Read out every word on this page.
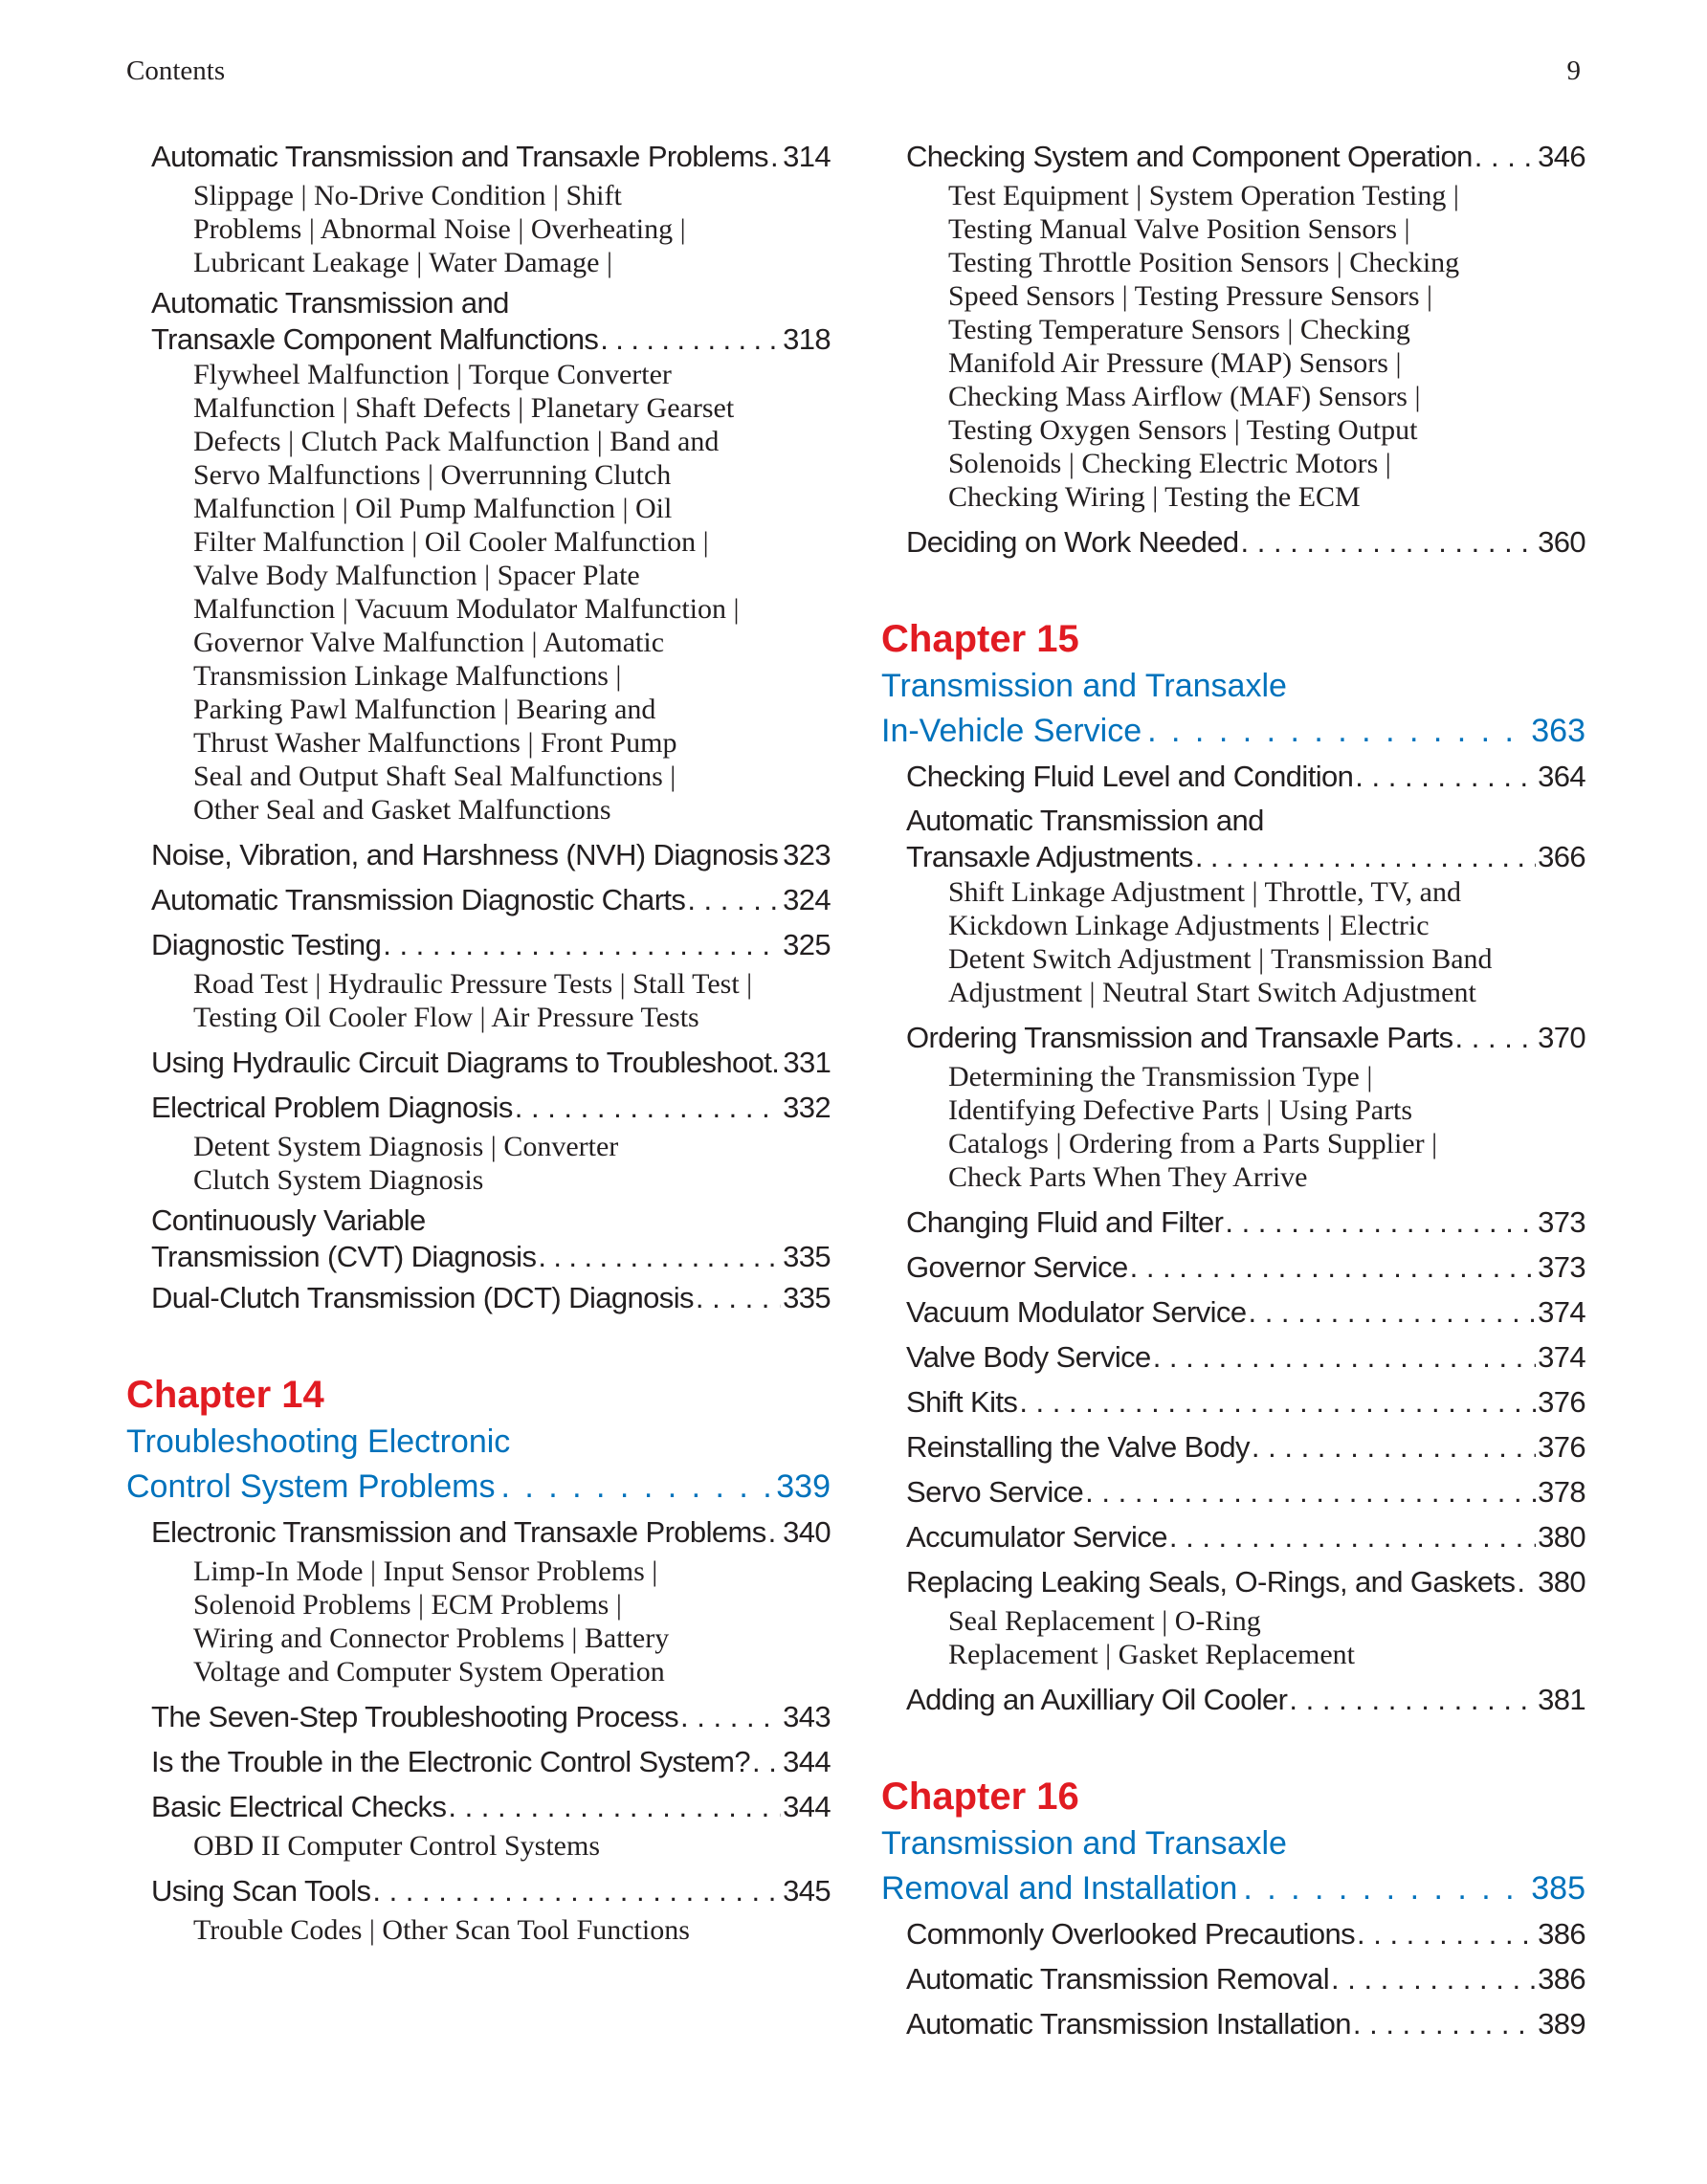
Contents	9
Automatic Transmission and Transaxle Problems . . . 314
Slippage | No-Drive Condition | Shift
Problems | Abnormal Noise | Overheating |
Lubricant Leakage | Water Damage |
Automatic Transmission and
Transaxle Component Malfunctions . . .	318
Flywheel Malfunction | Torque Converter
Malfunction | Shaft Defects | Planetary Gearset
Defects | Clutch Pack Malfunction | Band and
Servo Malfunctions | Overrunning Clutch
Malfunction | Oil Pump Malfunction | Oil
Filter Malfunction | Oil Cooler Malfunction |
Valve Body Malfunction | Spacer Plate
Malfunction | Vacuum Modulator Malfunction |
Governor Valve Malfunction | Automatic
Transmission Linkage Malfunctions |
Parking Pawl Malfunction | Bearing and
Thrust Washer Malfunctions | Front Pump
Seal and Output Shaft Seal Malfunctions |
Other Seal and Gasket Malfunctions
Noise, Vibration, and Harshness (NVH) Diagnosis . . . 323
Automatic Transmission Diagnostic Charts . . .	324
Diagnostic Testing . . .	325
Road Test | Hydraulic Pressure Tests | Stall Test |
Testing Oil Cooler Flow | Air Pressure Tests
Using Hydraulic Circuit Diagrams to Troubleshoot. 331
Electrical Problem Diagnosis . . .	332
Detent System Diagnosis | Converter
Clutch System Diagnosis
Continuously Variable
Transmission (CVT) Diagnosis . . .	335
Dual-Clutch Transmission (DCT) Diagnosis . . .	335
Chapter 14
Troubleshooting Electronic
Control System Problems . . .	339
Electronic Transmission and Transaxle Problems . . . 340
Limp-In Mode | Input Sensor Problems |
Solenoid Problems | ECM Problems |
Wiring and Connector Problems | Battery
Voltage and Computer System Operation
The Seven-Step Troubleshooting Process . . .	343
Is the Trouble in the Electronic Control System? . . . 344
Basic Electrical Checks . . .	344
OBD II Computer Control Systems
Using Scan Tools . . .	345
Trouble Codes | Other Scan Tool Functions
Checking System and Component Operation . . . 346
Test Equipment | System Operation Testing |
Testing Manual Valve Position Sensors |
Testing Throttle Position Sensors | Checking
Speed Sensors | Testing Pressure Sensors |
Testing Temperature Sensors | Checking
Manifold Air Pressure (MAP) Sensors |
Checking Mass Airflow (MAF) Sensors |
Testing Oxygen Sensors | Testing Output
Solenoids | Checking Electric Motors |
Checking Wiring | Testing the ECM
Deciding on Work Needed . . .	360
Chapter 15
Transmission and Transaxle
In-Vehicle Service . . .	363
Checking Fluid Level and Condition . . .	364
Automatic Transmission and
Transaxle Adjustments . . .	366
Shift Linkage Adjustment | Throttle, TV, and
Kickdown Linkage Adjustments | Electric
Detent Switch Adjustment | Transmission Band
Adjustment | Neutral Start Switch Adjustment
Ordering Transmission and Transaxle Parts . . .	370
Determining the Transmission Type |
Identifying Defective Parts | Using Parts
Catalogs | Ordering from a Parts Supplier |
Check Parts When They Arrive
Changing Fluid and Filter . . .	373
Governor Service . . .	373
Vacuum Modulator Service . . .	374
Valve Body Service . . .	374
Shift Kits . . .	376
Reinstalling the Valve Body . . .	376
Servo Service . . .	378
Accumulator Service . . .	380
Replacing Leaking Seals, O-Rings, and Gaskets . . . 380
Seal Replacement | O-Ring
Replacement | Gasket Replacement
Adding an Auxilliary Oil Cooler . . .	381
Chapter 16
Transmission and Transaxle
Removal and Installation . . .	385
Commonly Overlooked Precautions . . .	386
Automatic Transmission Removal . . .	386
Automatic Transmission Installation . . .	389
